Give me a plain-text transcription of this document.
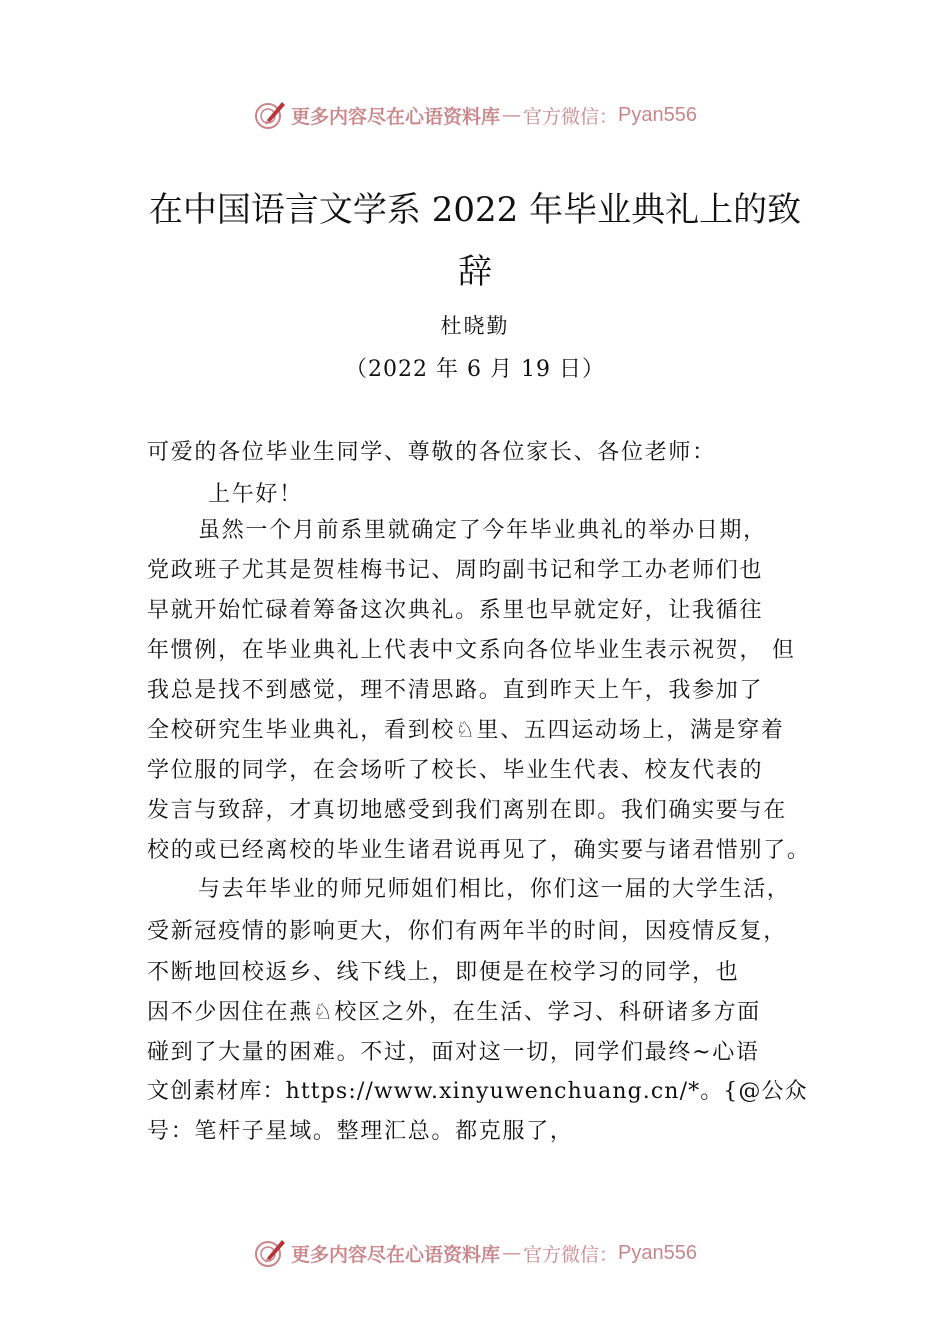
更多内容尽在心语资料库 — 官方微信： Pyan556
在中国语言文学系 2022 年毕业典礼上的致
辞
杜晓勤
（2022 年 6 月 19 日）

可爱的各位毕业生同学、尊敬的各位家长、各位老师：

上午好！

虽然一个月前系里就确定了今年毕业典礼的举办日期，

党政班子尤其是贺桂梅书记、周昀副书记和学工办老师们也

早就开始忙碌着筹备这次典礼。系里也早就定好，让我循往

年惯例，在毕业典礼上代表中文系向各位毕业生表示祝贺， 但

我总是找不到感觉，理不清思路。直到昨天上午，我参加了

全校研究生毕业典礼，看到校♘里、五四运动场上，满是穿着

学位服的同学，在会场听了校长、毕业生代表、校友代表的

发言与致辞，才真切地感受到我们离别在即。我们确实要与在

校的或已经离校的毕业生诸君说再见了，确实要与诸君惜别了。

与去年毕业的师兄师姐们相比，你们这一届的大学生活，

受新冠疫情的影响更大，你们有两年半的时间，因疫情反复，

不断地回校返乡、线下线上，即便是在校学习的同学，也

因不少因住在燕♘校区之外，在生活、学习、科研诸多方面

碰到了大量的困难。不过，面对这一切，同学们最终~心语

文创素材库：https://www.xinyuwenchuang.cn/*。{@公众

号：笔杆子星域。整理汇总。都克服了，

更多内容尽在心语资料库 — 官方微信： Pyan556
